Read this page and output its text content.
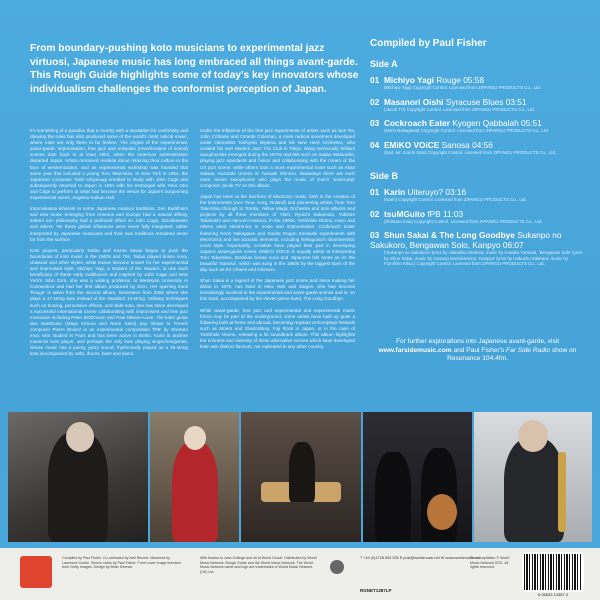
From boundary-pushing koto musicians to experimental jazz virtuosi, Japanese music has long embraced all things avant-garde. This Rough Guide highlights some of today's key innovators whose individualism challenges the conformist perception of Japan.

It's something of a paradox that a country with a reputation for conformity and obeying the rules has also produced some of the world's most radical music, where rules are only there to be broken. The origins of the experimental, avant-garde, improvisation, free jazz and onkyokei (reverberation of sound) scenes date back to at least 1951, when the American administration departed Japan. Artists remained resolute about retaining their culture in the face of westernization, and an experimental workshop was founded that same year that included a young Toru Takemitsu. In New York in 1954, the Japanese composer Toshi Ichiyanagi enrolled to study with John Cage and subsequently returned to Japan in 1961 with his estranged wife Yoko Ono and Cage to perform at what had become the venue for Japan's burgeoning experimental scene, Sogetsu Kaikan Hall.

Improvisation-inherent in some Japanese musical traditions, Zen Buddhism and new music emerging from America and Europe had a natural affinity, indeed Zen philosophy had a profound effect on John Cage, Stockhausen and others. Yet these global influences were never fully integrated, rather interpreted by Japanese musicians and their own traditions remained never far from the surface.

Koto players, particularly Tadao and Kazue Sawai began to push the boundaries of koto music in the 1960s and 70s. Tadao played bossa nova, classical and other styles, while Kazue became known for her experimental and improvised style. Michiyo Yagi, a student of the Sawai's, is one such beneficiary of these early trailblazers and inspired by John Cage and New York's John Zorn, she was a visiting professor at Wesleyan University in Connecticut and had her first album produced by Zorn. Her opening track 'Rouge' is taken from the second album, Seventeen from 2000 where she plays a 17-string koto instead of the standard 13-string. Utilising techniques such as bowing, percussive effects, and slide koto, she has since developed a successful international career collaborating with improvisers and free jazz musicians including Peter Brötzmann and Paal Nilssen-Love. The koto/ guitar duo tsuMGuito (Maya Kimura and Nene Satoi) pay tribute to French composer Pierre Boulez in an experimental composition 'fPB' by Shintaro Imai, who studied in Paris and has been active in Berlin. Karin is another maverick koto player, and perhaps the only koto playing singer/songwriter, whose music has a jaunty, jazzy sound, rhythmically played on a 25-string koto accompanied by cello, drums, bass and piano.

Under the influence of the free jazz experiments of artists such as Sun Ra, John Coltrane and Ornette Coleman, a more radical movement developed under clarinettist Toshiyuki Miyama and his New Herd Orchestra, who created his own Modern Jazz Trio Club in Tokyo. Many technically brilliant saxophonists emerged during the 1970s and 80s such as Sadao Watanabe, playing jazz standards and fusion and collaborating with the cream of the US jazz scene, while others took a more experimental route such as Akira Sakata, Kazutoki Umezu or Yasuaki Shimizu. Nowadays there are such more recent saxophonist who plays the music of Dutch 'avant-pop' composer Jacob TV on this album.

Japan has been at the forefront of electronic music, both in the creation of the instruments (Ace Tone, Korg, Roland) and pioneering artists, from Toru Takemitsu through to Tomita, Yellow Magic Orchestra and solo albums and projects by all three members of YMO, Ryuichi Sakamoto, Yukihiro Takahashi and Haruomi Hosono. In the 1990s, Yoshihide Otomo, Haco and others used electronics in noise and improvisation. Cockroach Eater featuring Norio Nakagawa and Saufat Dogan Kinowaki experiments with electronics and live acoustic elements, including Nekagowa's shamisenistic vocal style. Importantly, vocalists have played their part in developing Japan's avant-garde scene. EMiKO VOiCE is equally adept at interpreting Toru Takemitsu, Brazilian bossa nova and Japanese folk tunes as on the beautiful 'Sanosa', which was sung in the 1950s by the biggest stars of the day such as Eri Chiemi and Ichimaru.

Shun Sakai is a legend of the Japanese jazz scene and since making her debut in 1976, has lived in New York and Saigon. She has become increasingly involved in the experimental and avant-garde scenes and is, on this track, accompanied by the eleven-piece band, The Long Goodbye.

While avant-garde, free jazz and experimental and experimental music forms may be part of the underground, some artists have built up quite a following both at home and abroad, becoming regulars at European festivals such as Moers and Glastonbury, Fuji Rock in Japan, or in the case of Yoshihide Otomo, releasing a hit soundtrack album. This album highlights the richness and diversity of these alternative scenes which have developed their own distinct flavours, not replicated in any other country.

Compiled by Paul Fisher
Side A
01 Michiyo Yagi Rouge 05:58
(Michiyo Yagi) Copyright Control. Licensed from ZIPANGU PRODUCTS Co., Ltd.
02 Masanori Oishi Syracuse Blues 03:51
(Jacob TV) Copyright Control. Licensed from ZIPANGU PRODUCTS Co., Ltd.
03 Cockroach Eater Kyogen Qabbalah 05:51
(Norio Nakagawa) Copyright Control. Licensed from ZIPANGU PRODUCTS Co., Ltd.
04 EMiKO VOiCE Sanosa 04:56
(trad. arr. Koichi Sato) Copyright Control. Licensed from ZIPANGU PRODUCTS Co., Ltd.
Side B
01 Karin Uiteruyo? 03:16
(Karin) Copyright Control. Licensed from ZIPANGU PRODUCTS Co., Ltd.
02 tsuMGuito fPB 11:03
(Shintaro Imai) Copyright Control. Licensed from ZIPANGU PRODUCTS Co., Ltd.
03 Shun Sakai & The Long Goodbye Sukanpo no Sakukoro, Bengawan Solo, Kanpyo 06:07
('Sukanpo no Sakukoro' lyrics by Hakushu Kitahara, music by Kosaku Yamada. 'Bengawan Solo' lyrics by Shun Sakai, music by Gesang Martohartono. 'Kanpyo' lyrics by Hakushu Kitahara, music by Fumihiko Kikui.) Copyright Control. Licensed from ZIPANGU PRODUCTS Co., Ltd.
For further explorations into Japanese avant-garde, visit www.farsidemusic.com and Paul Fisher's Far Side Radio show on Resonance 104.4fm.
Compiled by Paul Fisher. Co-ordinated by Neil Record. Mastered by Lawrence Cooke. Sleeve notes by Paul Fisher. Front cover image licensed from Getty Images. Design by Brian Keenan.
With thanks to John Sollings and all at World Circuit. Distributed by World Music Network. Rough Guide and the World Music Network. The World Music Network name and logo are trademarks of World Music Network (UK) Ltd.
T +44 (0)1728 833 925 E post@worldmusic.net W www.worldmusic.net
RGNET1387LP
The compilation © World Music Network 2021. All rights reserved.
6 05633 14387 3
